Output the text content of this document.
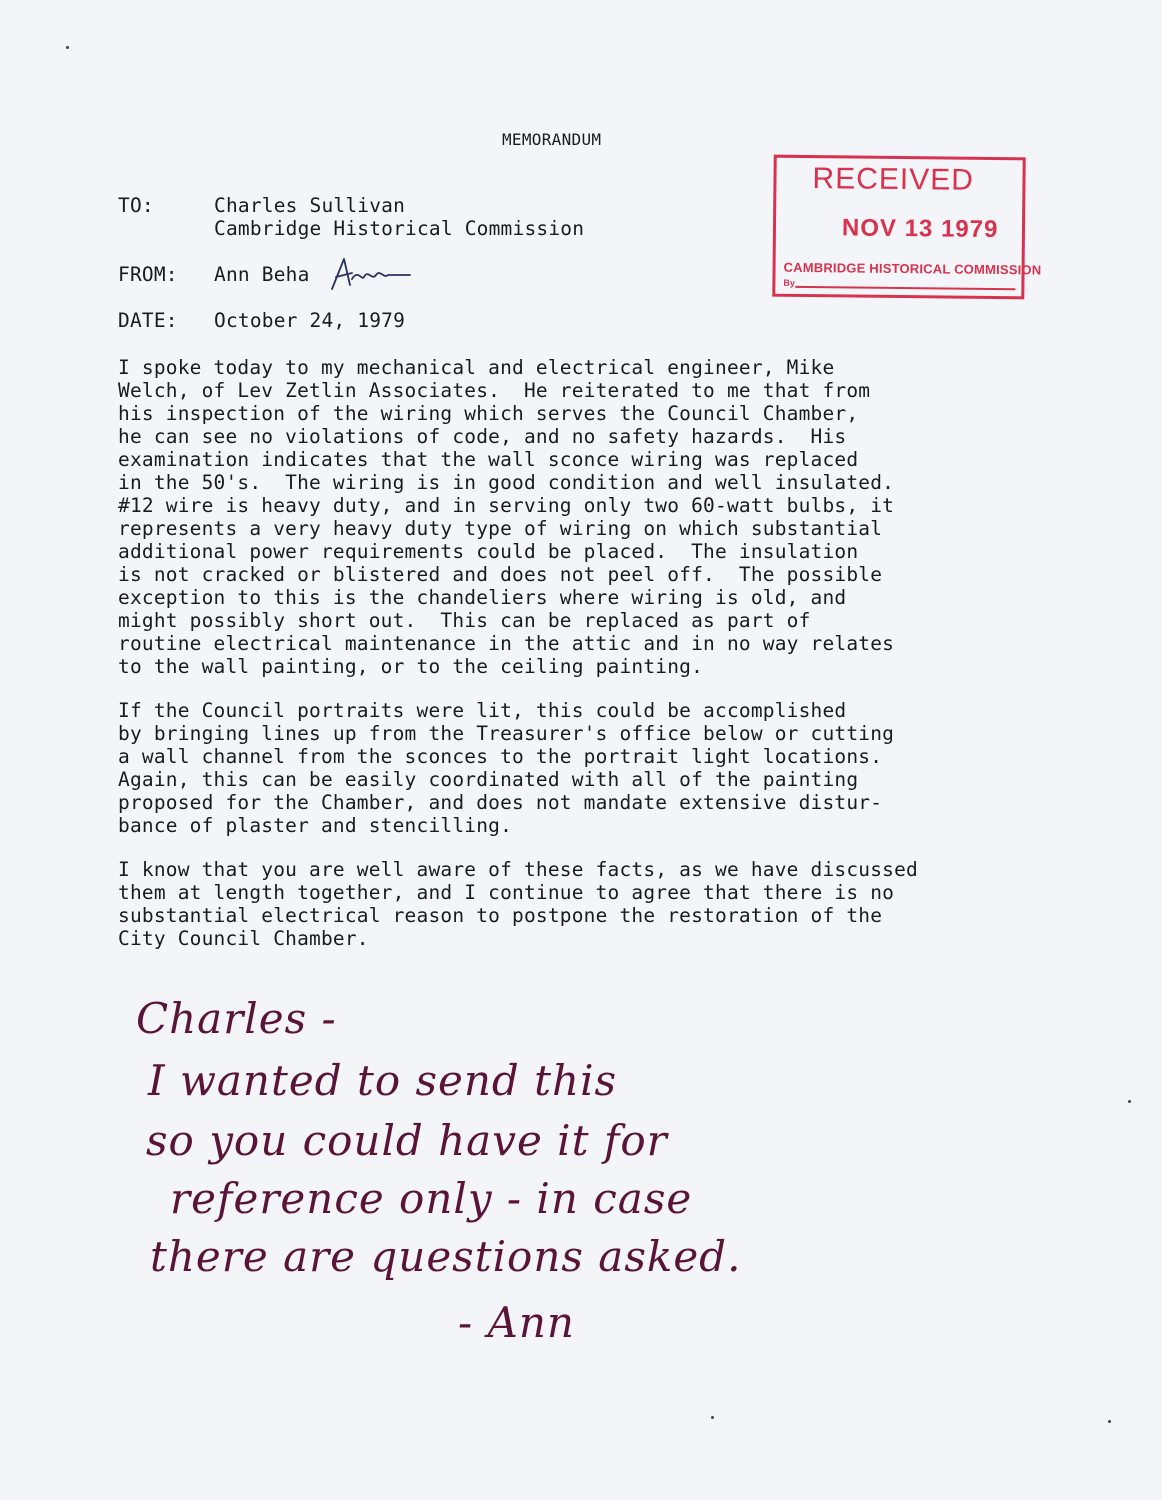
MEMORANDUM
TO:	Charles Sullivan
Cambridge Historical Commission
FROM: Ann Beha
DATE: October 24, 1979
RECEIVED
NOV 13 1979
CAMBRIDGE HISTORICAL COMMISSION
By
I spoke today to my mechanical and electrical engineer, Mike
Welch, of Lev Zetlin Associates.  He reiterated to me that from
his inspection of the wiring which serves the Council Chamber,
he can see no violations of code, and no safety hazards.  His
examination indicates that the wall sconce wiring was replaced
in the 50's.  The wiring is in good condition and well insulated.
#12 wire is heavy duty, and in serving only two 60-watt bulbs, it
represents a very heavy duty type of wiring on which substantial
additional power requirements could be placed.  The insulation
is not cracked or blistered and does not peel off.  The possible
exception to this is the chandeliers where wiring is old, and
might possibly short out.  This can be replaced as part of
routine electrical maintenance in the attic and in no way relates
to the wall painting, or to the ceiling painting.
If the Council portraits were lit, this could be accomplished
by bringing lines up from the Treasurer's office below or cutting
a wall channel from the sconces to the portrait light locations.
Again, this can be easily coordinated with all of the painting
proposed for the Chamber, and does not mandate extensive distur-
bance of plaster and stencilling.
I know that you are well aware of these facts, as we have discussed
them at length together, and I continue to agree that there is no
substantial electrical reason to postpone the restoration of the
City Council Chamber.
Charles -
I wanted to send this
so you could have it for
reference only - in case
there are questions asked.
- Ann
